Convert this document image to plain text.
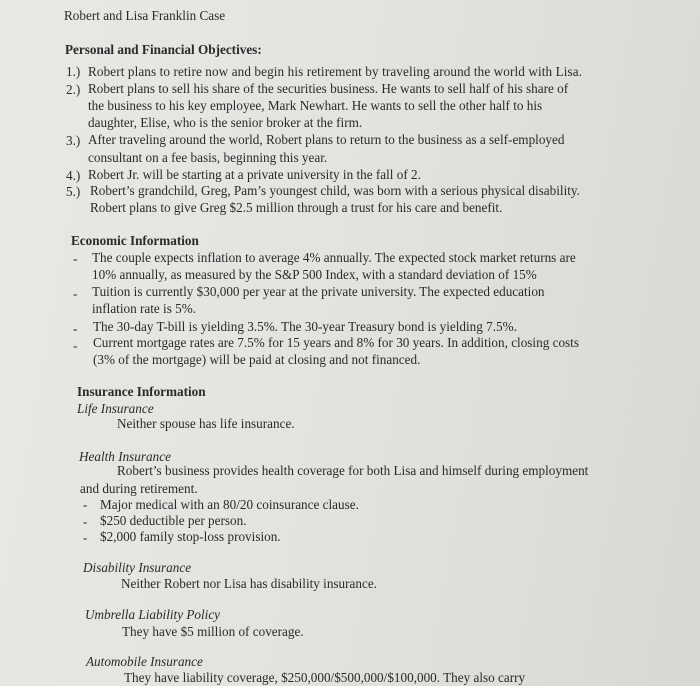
Robert and Lisa Franklin Case
Personal and Financial Objectives:
1.) Robert plans to retire now and begin his retirement by traveling around the world with Lisa.
2.) Robert plans to sell his share of the securities business. He wants to sell half of his share of
the business to his key employee, Mark Newhart. He wants to sell the other half to his
daughter, Elise, who is the senior broker at the firm.
3.) After traveling around the world, Robert plans to return to the business as a self-employed
consultant on a fee basis, beginning this year.
4.) Robert Jr. will be starting at a private university in the fall of 2.
5.) Robert’s grandchild, Greg, Pam’s youngest child, was born with a serious physical disability.
Robert plans to give Greg $2.5 million through a trust for his care and benefit.
Economic Information
- The couple expects inflation to average 4% annually. The expected stock market returns are
10% annually, as measured by the S&P 500 Index, with a standard deviation of 15%
- Tuition is currently $30,000 per year at the private university. The expected education
inflation rate is 5%.
- The 30-day T-bill is yielding 3.5%. The 30-year Treasury bond is yielding 7.5%.
- Current mortgage rates are 7.5% for 15 years and 8% for 30 years. In addition, closing costs
(3% of the mortgage) will be paid at closing and not financed.
Insurance Information
Life Insurance
Neither spouse has life insurance.
Health Insurance
Robert’s business provides health coverage for both Lisa and himself during employment
and during retirement.
- Major medical with an 80/20 coinsurance clause.
- $250 deductible per person.
- $2,000 family stop-loss provision.
Disability Insurance
Neither Robert nor Lisa has disability insurance.
Umbrella Liability Policy
They have $5 million of coverage.
Automobile Insurance
They have liability coverage, $250,000/$500,000/$100,000. They also carry
